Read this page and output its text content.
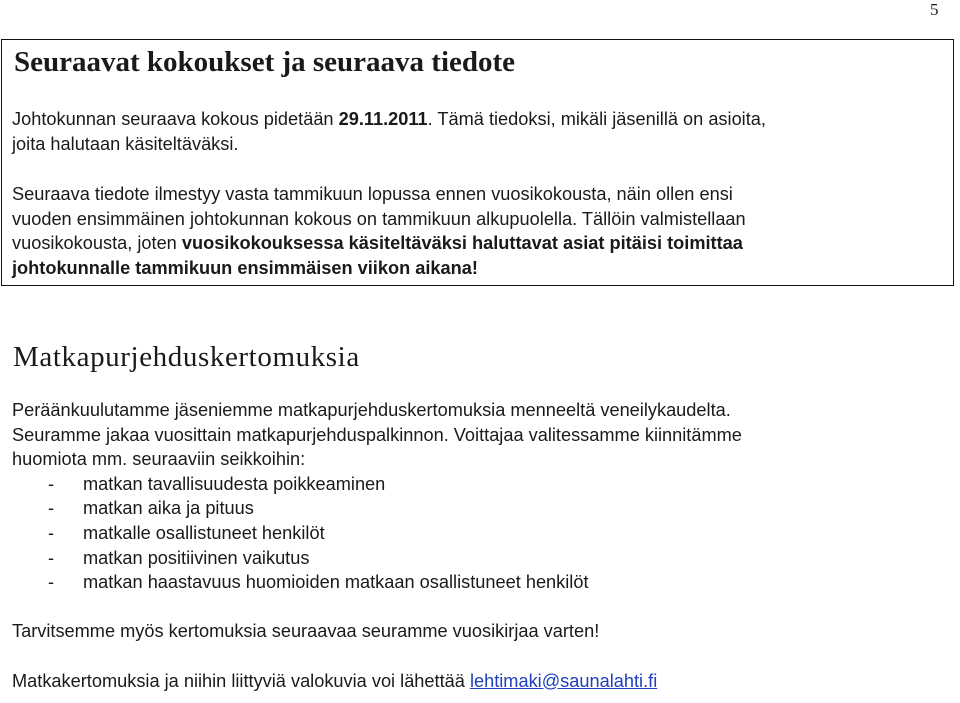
5
Seuraavat kokoukset ja seuraava tiedote
Johtokunnan seuraava kokous pidetään 29.11.2011. Tämä tiedoksi, mikäli jäsenillä on asioita,
joita halutaan käsiteltäväksi.
Seuraava tiedote ilmestyy vasta tammikuun lopussa ennen vuosikokousta, näin ollen ensi
vuoden ensimmäinen johtokunnan kokous on tammikuun alkupuolella. Tällöin valmistellaan
vuosikokousta, joten vuosikokouksessa käsiteltäväksi haluttavat asiat pitäisi toimittaa
johtokunnalle tammikuun ensimmäisen viikon aikana!
Matkapurjehduskertomuksia
Peräänkuulutamme jäseniemme matkapurjehduskertomuksia menneeltä veneilykaudelta.
Seuramme jakaa vuosittain matkapurjehduspalkinnon. Voittajaa valitessamme kiinnitämme
huomiota mm. seuraaviin seikkoihin:
- matkan tavallisuudesta poikkeaminen
- matkan aika ja pituus
- matkalle osallistuneet henkilöt
- matkan positiivinen vaikutus
- matkan haastavuus huomioiden matkaan osallistuneet henkilöt
Tarvitsemme myös kertomuksia seuraavaa seuramme vuosikirjaa varten!
Matkakertomuksia ja niihin liittyviä valokuvia voi lähettää lehtimaki@saunalahti.fi
